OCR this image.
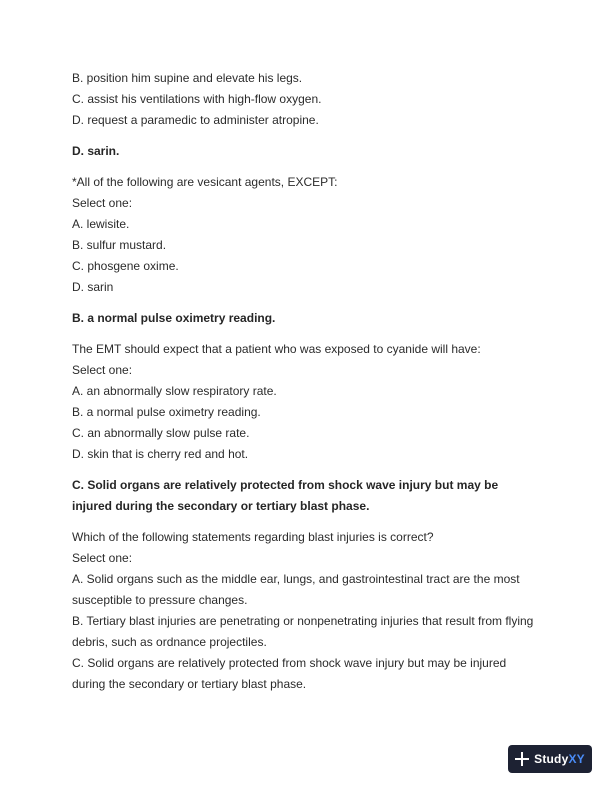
B. position him supine and elevate his legs.
C. assist his ventilations with high-flow oxygen.
D. request a paramedic to administer atropine.
D. sarin.
*All of the following are vesicant agents, EXCEPT:
Select one:
A. lewisite.
B. sulfur mustard.
C. phosgene oxime.
D. sarin
B. a normal pulse oximetry reading.
The EMT should expect that a patient who was exposed to cyanide will have:
Select one:
A. an abnormally slow respiratory rate.
B. a normal pulse oximetry reading.
C. an abnormally slow pulse rate.
D. skin that is cherry red and hot.
C. Solid organs are relatively protected from shock wave injury but may be
injured during the secondary or tertiary blast phase.
Which of the following statements regarding blast injuries is correct?
Select one:
A. Solid organs such as the middle ear, lungs, and gastrointestinal tract are the most
susceptible to pressure changes.
B. Tertiary blast injuries are penetrating or nonpenetrating injuries that result from flying
debris, such as ordnance projectiles.
C. Solid organs are relatively protected from shock wave injury but may be injured
during the secondary or tertiary blast phase.
StudyXY
